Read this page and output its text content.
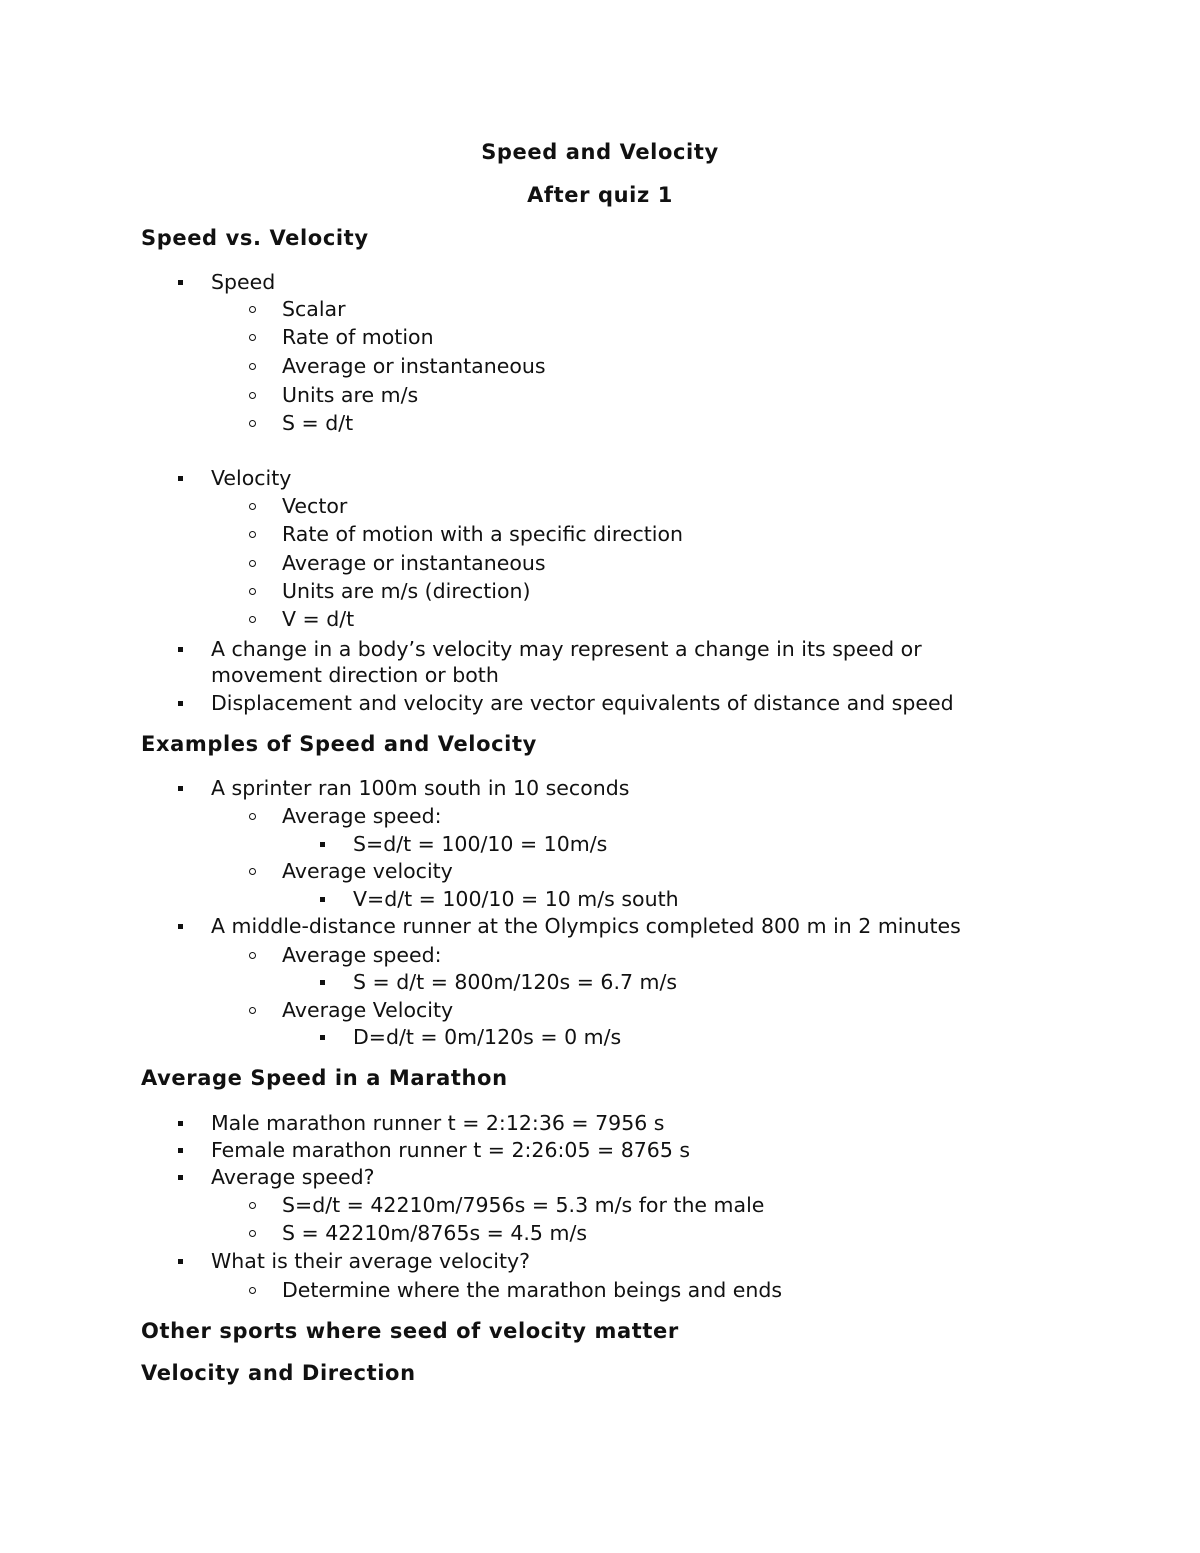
Speed and Velocity
After quiz 1
Speed vs. Velocity
Speed
Scalar
Rate of motion
Average or instantaneous
Units are m/s
S = d/t
Velocity
Vector
Rate of motion with a specific direction
Average or instantaneous
Units are m/s (direction)
V = d/t
A change in a body’s velocity may represent a change in its speed or
movement direction or both
Displacement and velocity are vector equivalents of distance and speed
Examples of Speed and Velocity
A sprinter ran 100m south in 10 seconds
Average speed:
S=d/t = 100/10 = 10m/s
Average velocity
V=d/t = 100/10 = 10 m/s south
A middle-distance runner at the Olympics completed 800 m in 2 minutes
Average speed:
S = d/t = 800m/120s = 6.7 m/s
Average Velocity
D=d/t = 0m/120s = 0 m/s
Average Speed in a Marathon
Male marathon runner t = 2:12:36 = 7956 s
Female marathon runner t = 2:26:05 = 8765 s
Average speed?
S=d/t = 42210m/7956s = 5.3 m/s for the male
S = 42210m/8765s = 4.5 m/s
What is their average velocity?
Determine where the marathon beings and ends
Other sports where seed of velocity matter
Velocity and Direction
